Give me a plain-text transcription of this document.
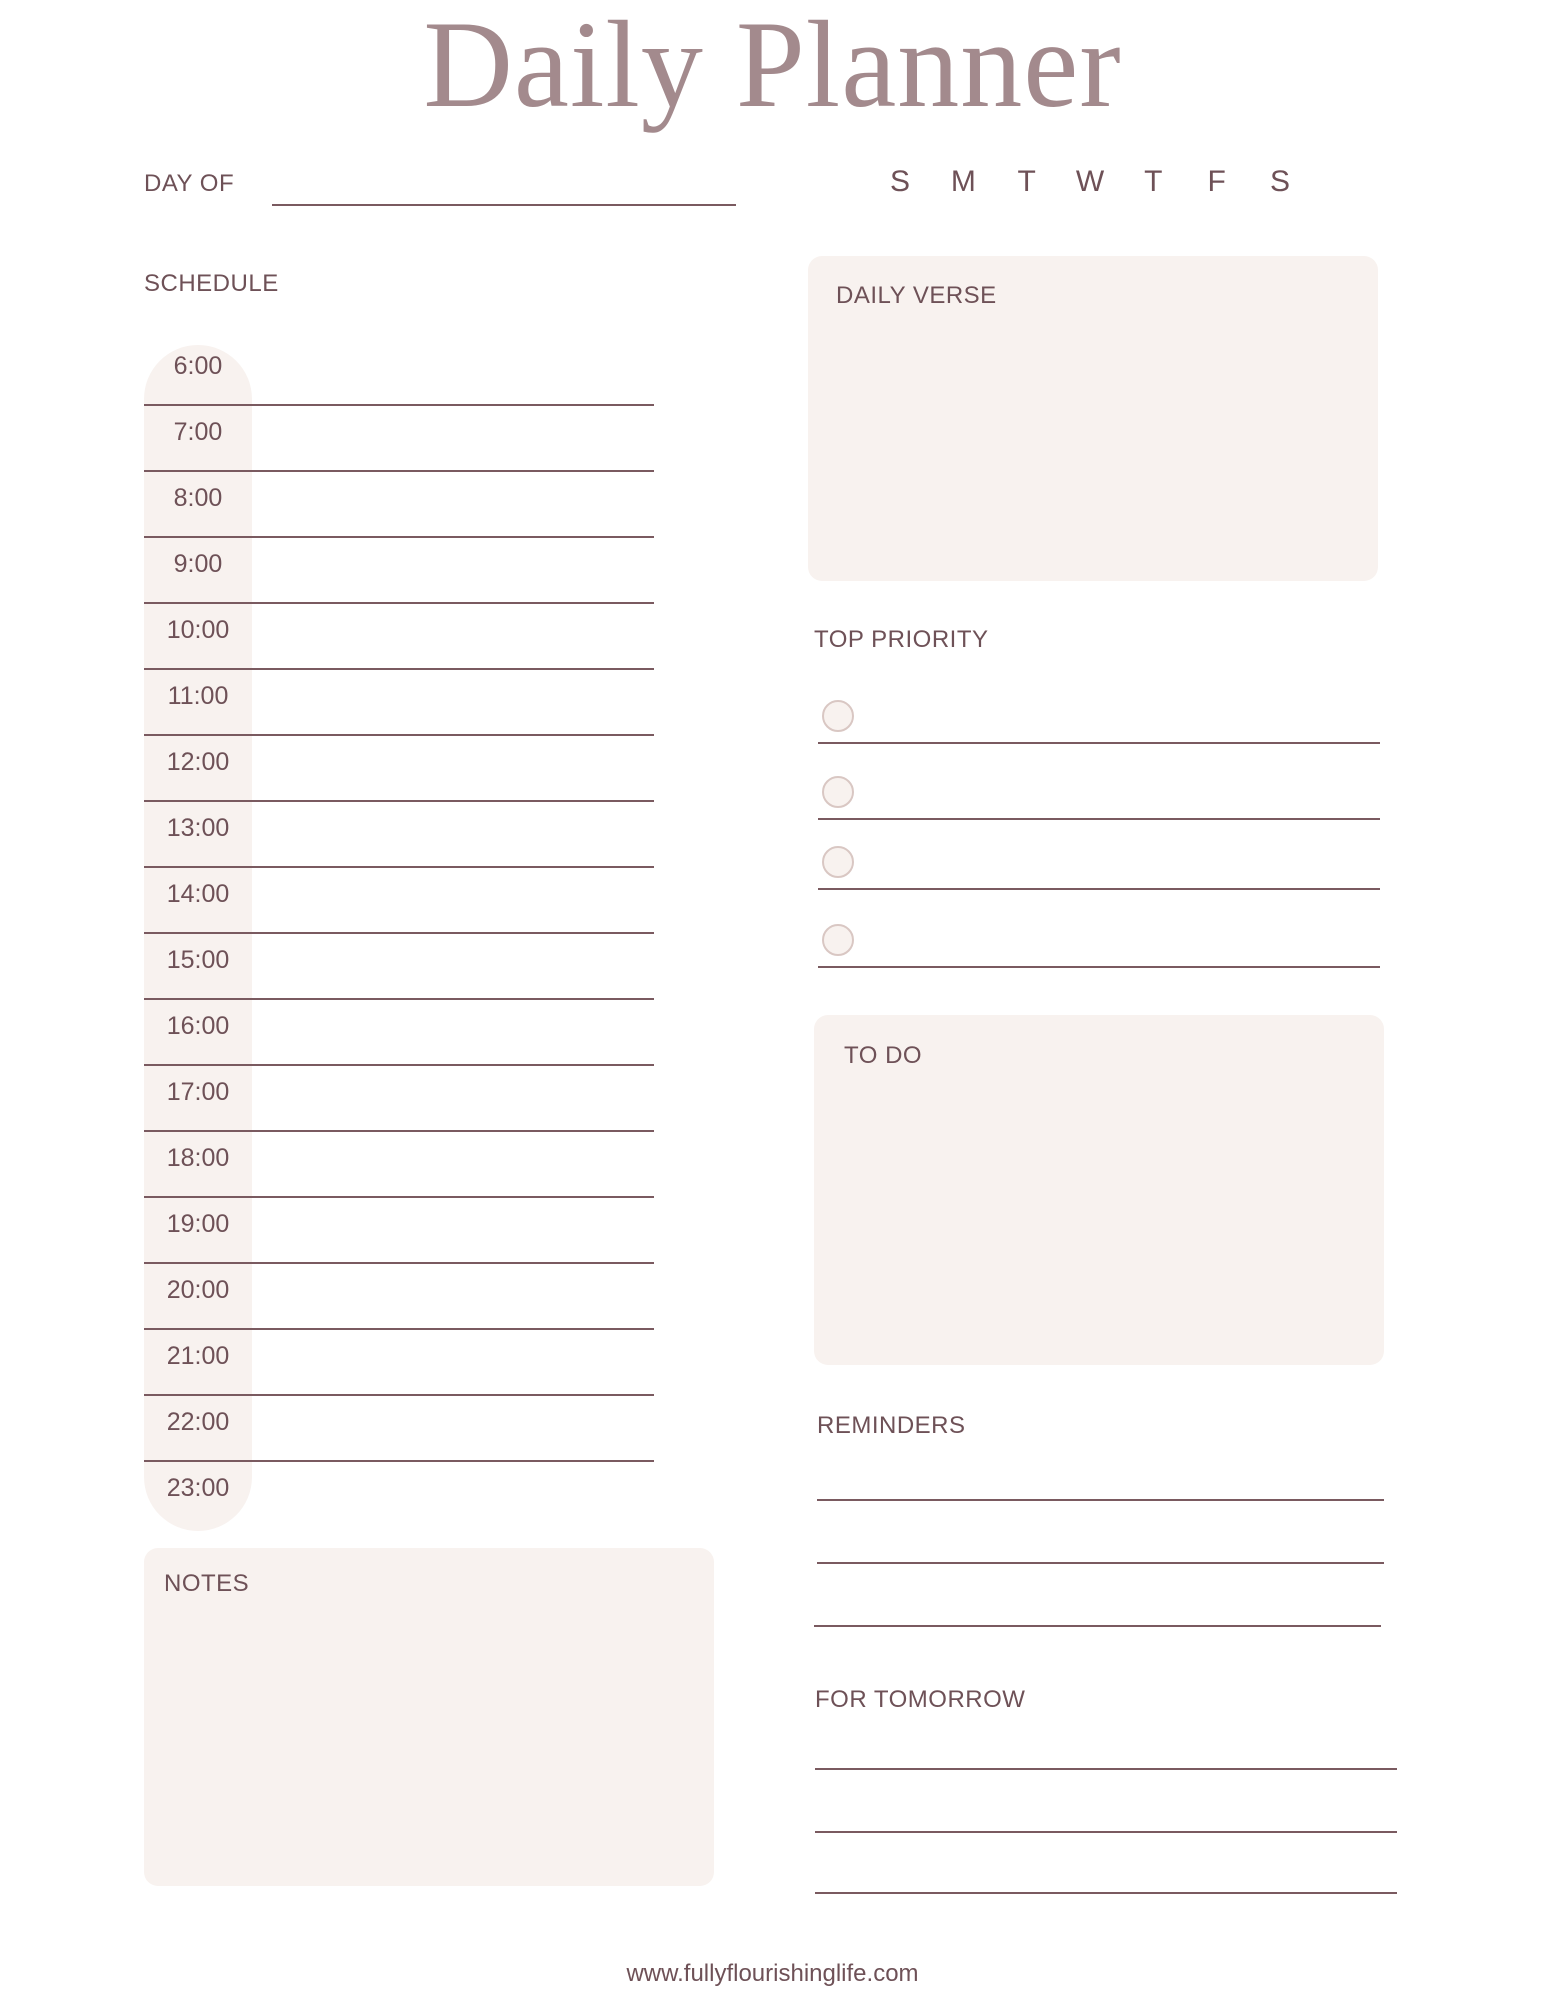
Daily Planner
DAY OF	S	M	T	W	T	F	S
SCHEDULE
6:00
7:00
8:00
9:00
10:00
11:00
12:00
13:00
14:00
15:00
16:00
17:00
18:00
19:00
20:00
21:00
22:00
23:00
NOTES
DAILY VERSE
TOP PRIORITY
TO DO
REMINDERS
FOR TOMORROW
www.fullyflourishinglife.com
